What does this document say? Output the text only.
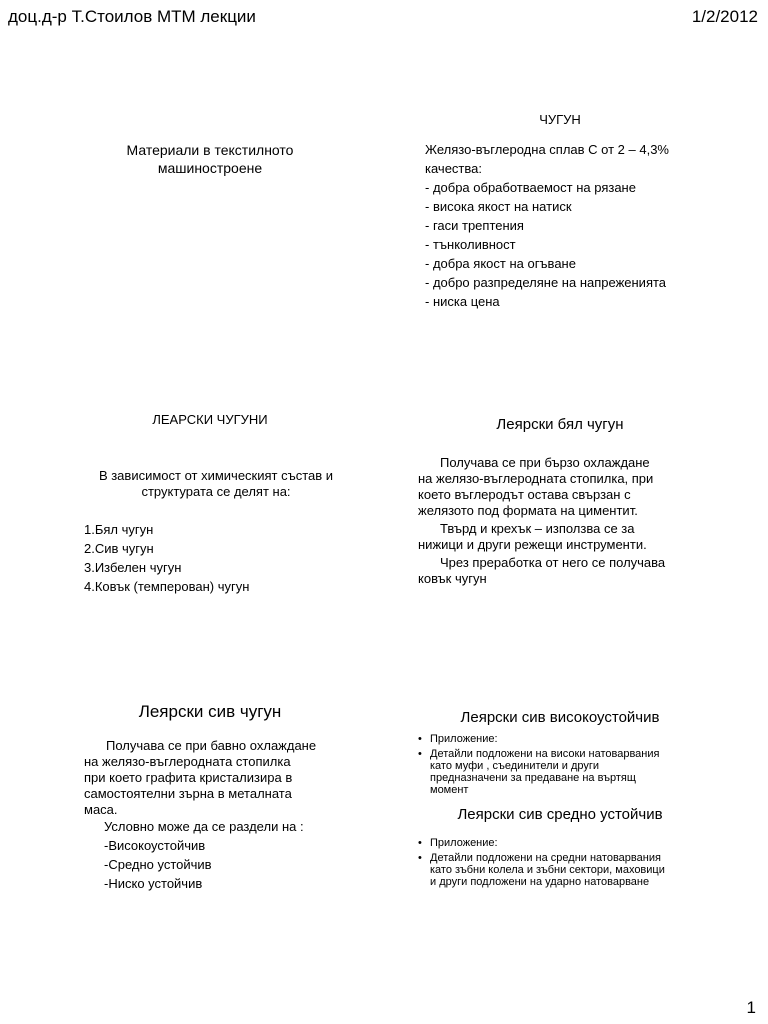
доц.д-р Т.Стоилов МТМ лекции	1/2/2012
Материали в текстилното
машиностроене
ЧУГУН
Желязо-въглеродна сплав С от 2 – 4,3%
качества:
- добра обработваемост на рязане
- висока якост на натиск
- гаси трептения
- тънколивност
- добра якост на огъване
- добро разпределяне на напреженията
- ниска цена
ЛЕАРСКИ ЧУГУНИ
В зависимост от химическият състав и
структурата се делят на:
1.Бял чугун
2.Сив чугун
3.Избелен чугун
4.Ковък (темперован) чугун
Леярски бял чугун
Получава се при бързо охлаждане
на желязо-въглеродната стопилка, при
което въглеродът остава свързан с
желязото под формата на циментит.
Твърд и крехък – използва се за
нижици и други режещи инструменти.
Чрез преработка от него се получава
ковък чугун
Леярски сив чугун
Получава се при бавно охлаждане
на желязо-въглеродната стопилка
при което графита кристализира в
самостоятелни зърна в металната
маса.
Условно може да се раздели на :
-Високоустойчив
-Средно устойчив
-Ниско устойчив
Леярски сив високоустойчив
• Приложение:
• Детайли подложени на високи натоварвания
като муфи , съединители и други
предназначени за предаване на въртящ
момент
Леярски сив средно устойчив
• Приложение:
• Детайли подложени на средни натоварвания
като зъбни колела и зъбни сектори, маховици
и други подложени на ударно натоварване
1
